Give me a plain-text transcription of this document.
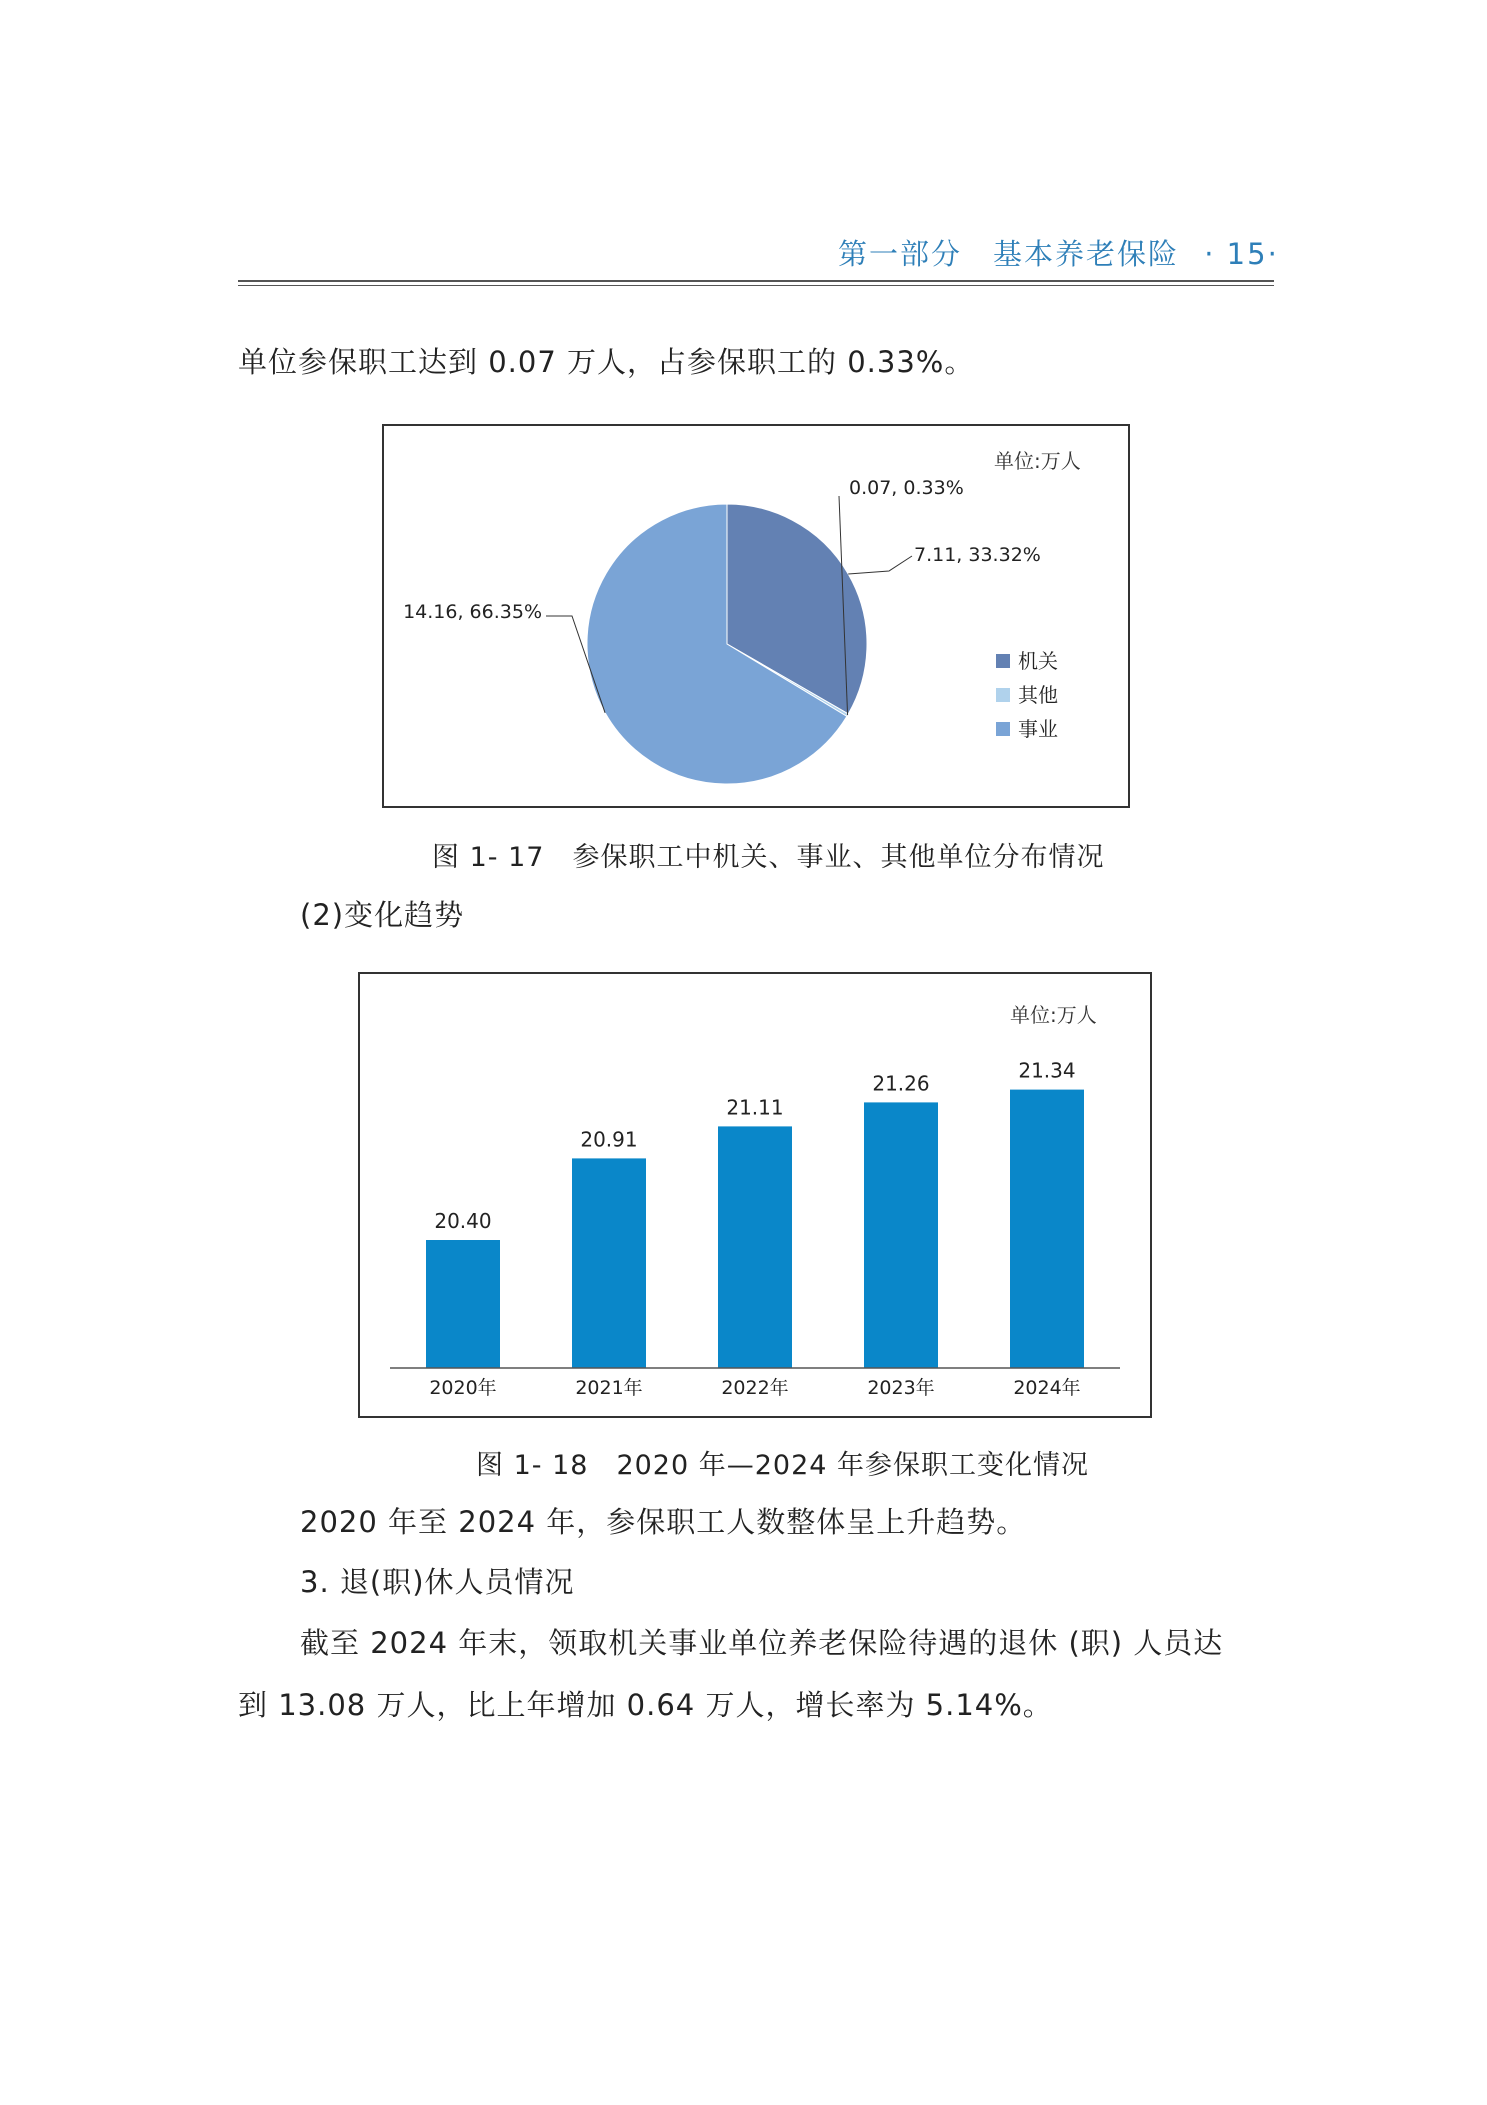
第一部分　基本养老保险 · 15·
单位参保职工达到 0.07 万人，占参保职工的 0.33%。
7.11, 33.32%
0.07, 0.33%
14.16, 66.35%
机关
其他
事业
单位:万人
图 1- 17　参保职工中机关、事业、其他单位分布情况
(2)变化趋势
20.40
20.91
21.11
21.26
21.34
2020年	2021年	2022年	2023年	2024年
单位:万人
图 1- 18　2020 年—2024 年参保职工变化情况
2020 年至 2024 年，参保职工人数整体呈上升趋势。
3. 退(职)休人员情况
截至 2024 年末，领取机关事业单位养老保险待遇的退休 (职) 人员达
到 13.08 万人，比上年增加 0.64 万人，增长率为 5.14%。
